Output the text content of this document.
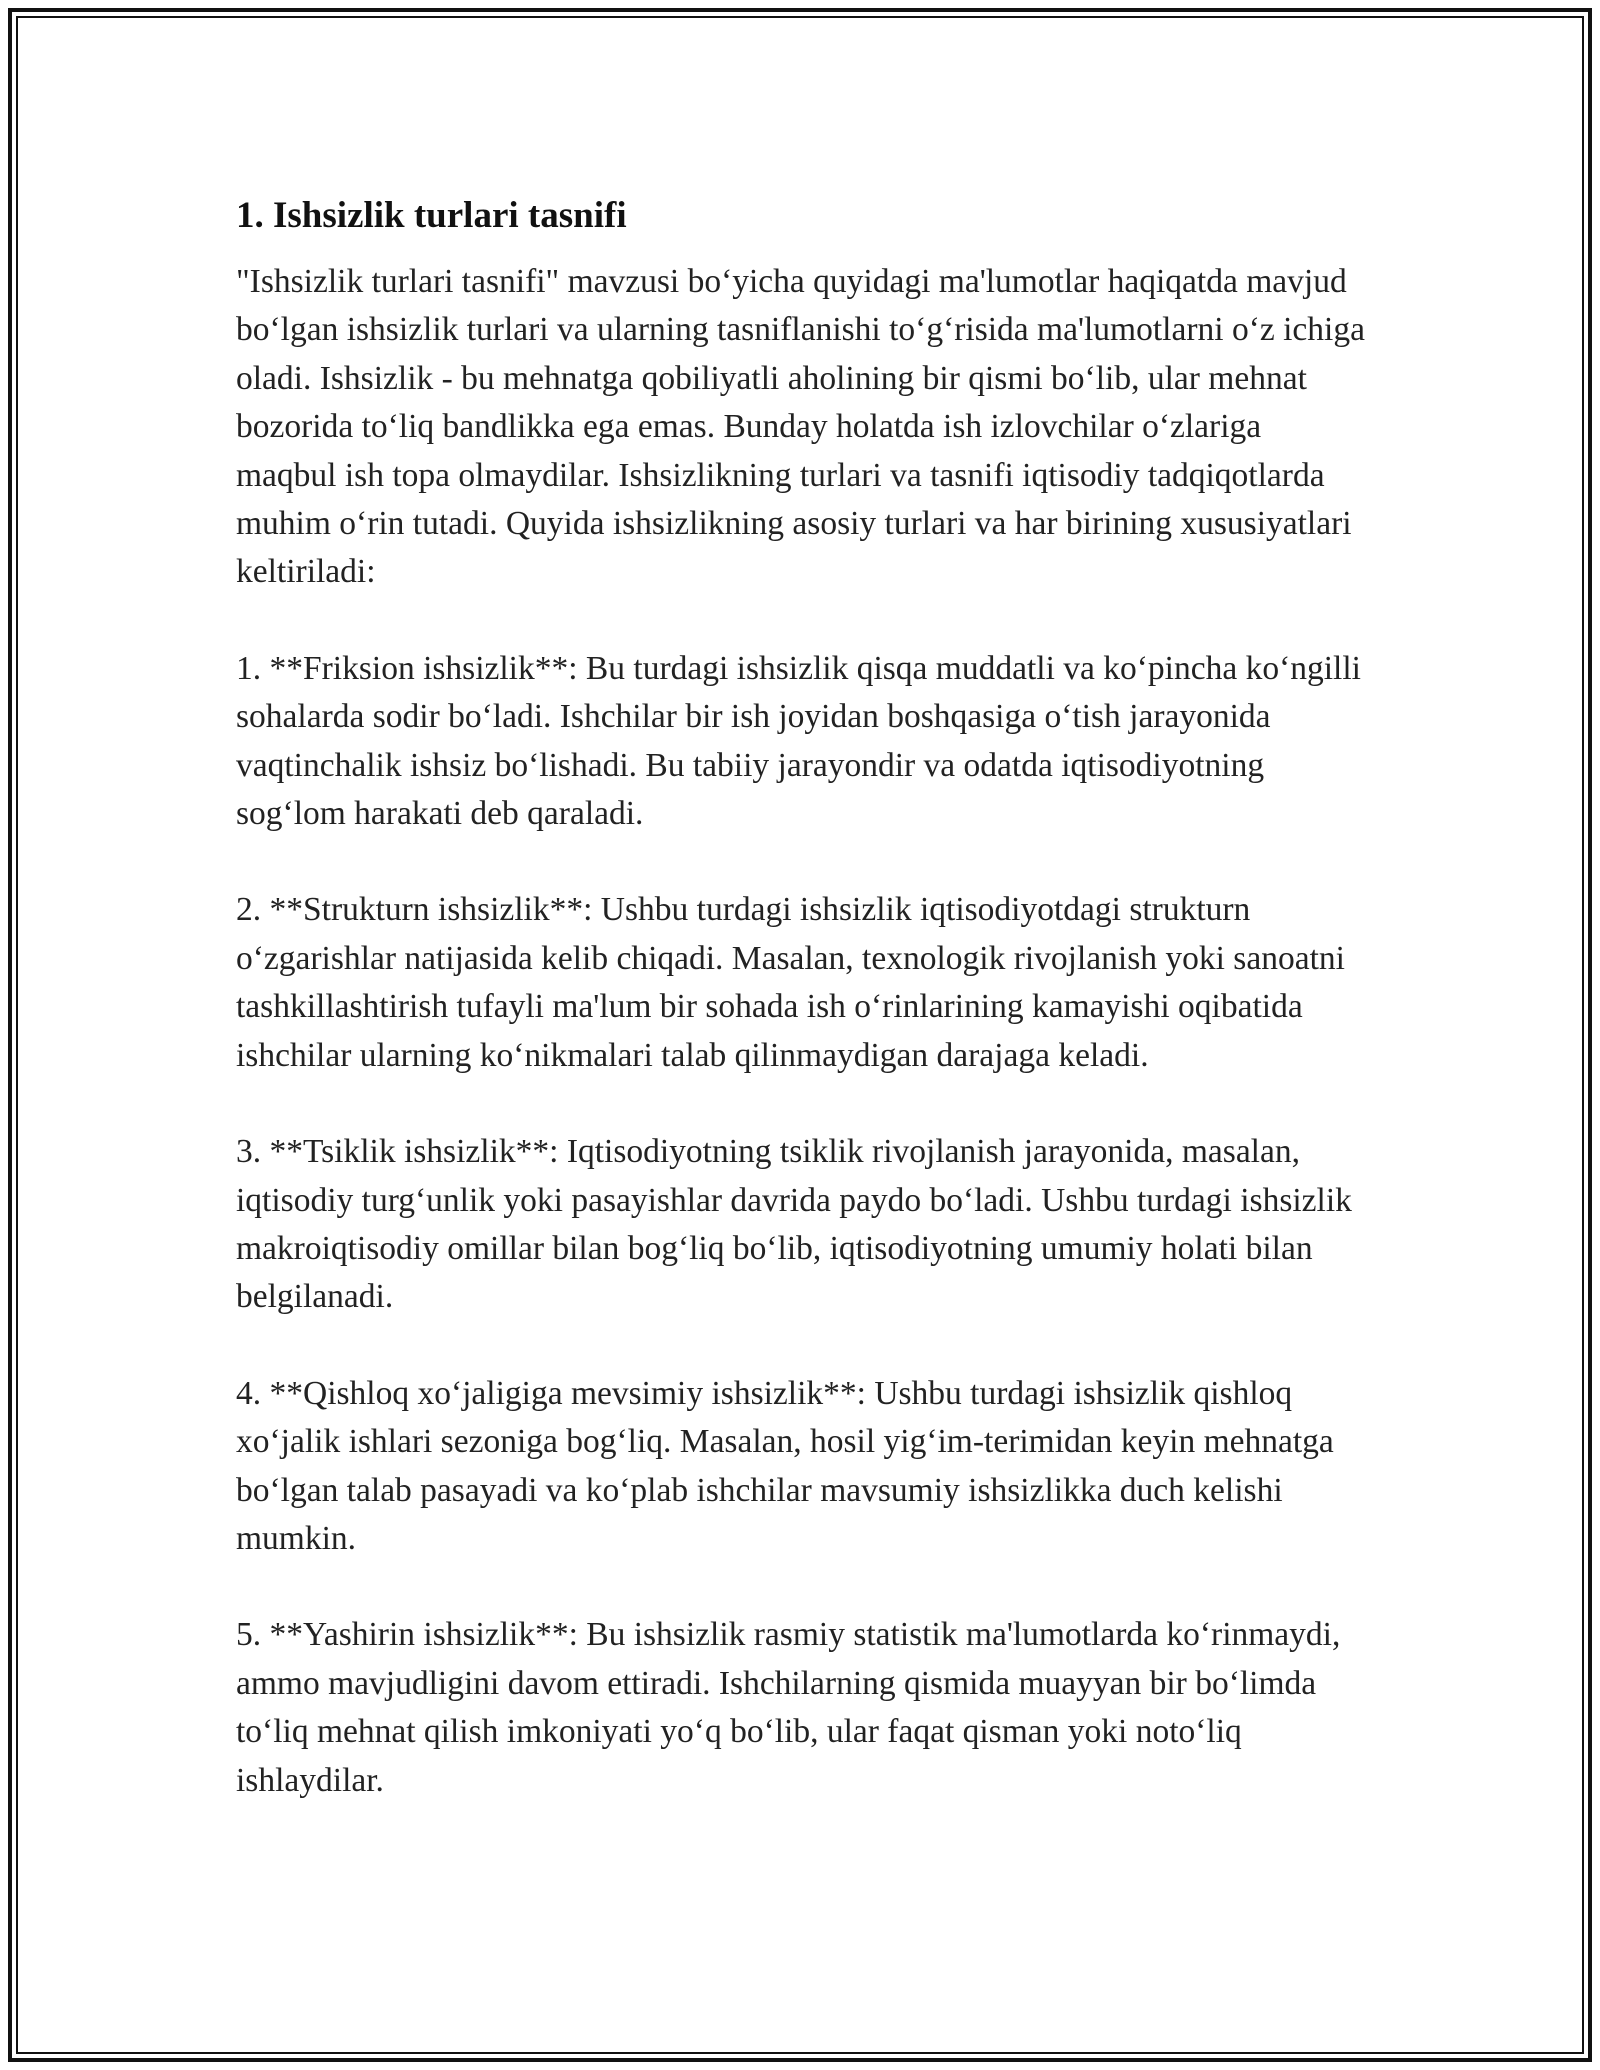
1. Ishsizlik turlari tasnifi

"Ishsizlik turlari tasnifi" mavzusi bo‘yicha quyidagi ma'lumotlar haqiqatda mavjud bo‘lgan ishsizlik turlari va ularning tasniflanishi to‘g‘risida ma'lumotlarni o‘z ichiga oladi. Ishsizlik - bu mehnatga qobiliyatli aholining bir qismi bo‘lib, ular mehnat bozorida to‘liq bandlikka ega emas. Bunday holatda ish izlovchilar o‘zlariga maqbul ish topa olmaydilar. Ishsizlikning turlari va tasnifi iqtisodiy tadqiqotlarda muhim o‘rin tutadi. Quyida ishsizlikning asosiy turlari va har birining xususiyatlari keltiriladi:

1. **Friksion ishsizlik**: Bu turdagi ishsizlik qisqa muddatli va ko‘pincha ko‘ngilli sohalarda sodir bo‘ladi. Ishchilar bir ish joyidan boshqasiga o‘tish jarayonida vaqtinchalik ishsiz bo‘lishadi. Bu tabiiy jarayondir va odatda iqtisodiyotning sog‘lom harakati deb qaraladi.

2. **Strukturn ishsizlik**: Ushbu turdagi ishsizlik iqtisodiyotdagi strukturn o‘zgarishlar natijasida kelib chiqadi. Masalan, texnologik rivojlanish yoki sanoatni tashkillashtirish tufayli ma'lum bir sohada ish o‘rinlarining kamayishi oqibatida ishchilar ularning ko‘nikmalari talab qilinmaydigan darajaga keladi.

3. **Tsiklik ishsizlik**: Iqtisodiyotning tsiklik rivojlanish jarayonida, masalan, iqtisodiy turg‘unlik yoki pasayishlar davrida paydo bo‘ladi. Ushbu turdagi ishsizlik makroiqtisodiy omillar bilan bog‘liq bo‘lib, iqtisodiyotning umumiy holati bilan belgilanadi.

4. **Qishloq xo‘jaligiga mevsimiy ishsizlik**: Ushbu turdagi ishsizlik qishloq xo‘jalik ishlari sezoniga bog‘liq. Masalan, hosil yig‘im-terimidan keyin mehnatga bo‘lgan talab pasayadi va ko‘plab ishchilar mavsumiy ishsizlikka duch kelishi mumkin.

5. **Yashirin ishsizlik**: Bu ishsizlik rasmiy statistik ma'lumotlarda ko‘rinmaydi, ammo mavjudligini davom ettiradi. Ishchilarning qismida muayyan bir bo‘limda to‘liq mehnat qilish imkoniyati yo‘q bo‘lib, ular faqat qisman yoki noto‘liq ishlaydilar.
